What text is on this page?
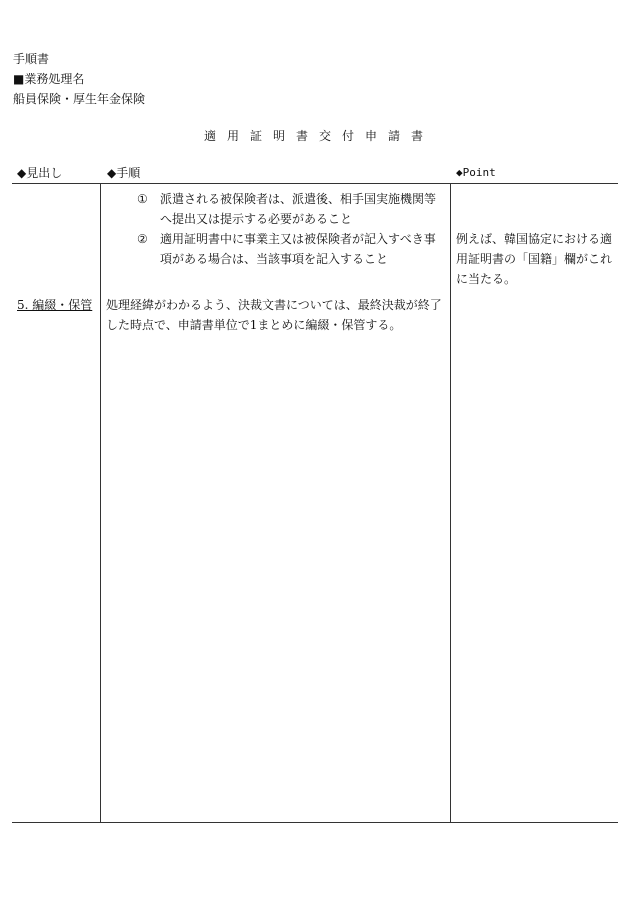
手順書
■業務処理名
船員保険・厚生年金保険
適用証明書交付申請書
◆見出し	◆手順	◆Point
① 派遣される被保険者は、派遣後、相手国実施機関等へ提出又は提示する必要があること
② 適用証明書中に事業主又は被保険者が記入すべき事項がある場合は、当該事項を記入すること
例えば、韓国協定における適用証明書の「国籍」欄がこれに当たる。
5. 編綴・保管 処理経緯がわかるよう、決裁文書については、最終決裁が終了した時点で、申請書単位で1まとめに編綴・保管する。
